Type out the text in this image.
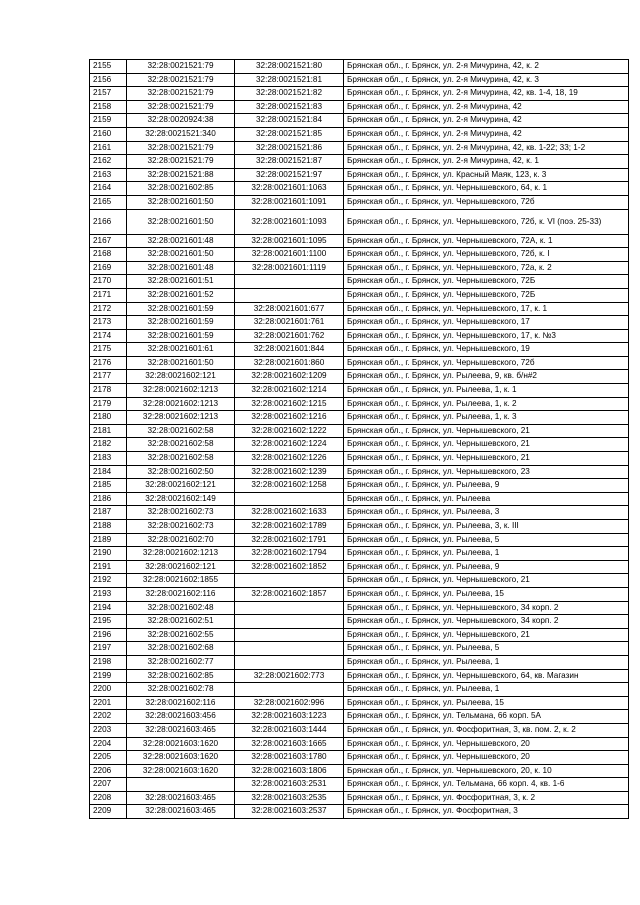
2155	32:28:0021521:79	32:28:0021521:80	Брянская обл., г. Брянск, ул. 2-я Мичурина, 42, к. 2
2156	32:28:0021521:79	32:28:0021521:81	Брянская обл., г. Брянск, ул. 2-я Мичурина, 42, к. 3
2157	32:28:0021521:79	32:28:0021521:82	Брянская обл., г. Брянск, ул. 2-я Мичурина, 42, кв. 1-4, 18, 19
2158	32:28:0021521:79	32:28:0021521:83	Брянская обл., г. Брянск, ул. 2-я Мичурина, 42
2159	32:28:0020924:38	32:28:0021521:84	Брянская обл., г. Брянск, ул. 2-я Мичурина, 42
2160	32:28:0021521:340	32:28:0021521:85	Брянская обл., г. Брянск, ул. 2-я Мичурина, 42
2161	32:28:0021521:79	32:28:0021521:86	Брянская обл., г. Брянск, ул. 2-я Мичурина, 42, кв. 1-22; 33; 1-2
2162	32:28:0021521:79	32:28:0021521:87	Брянская обл., г. Брянск, ул. 2-я Мичурина, 42, к. 1
2163	32:28:0021521:88	32:28:0021521:97	Брянская обл., г. Брянск, ул. Красный Маяк, 123, к. 3
2164	32:28:0021602:85	32:28:0021601:1063	Брянская обл., г. Брянск, ул. Чернышевского, 64, к. 1
2165	32:28:0021601:50	32:28:0021601:1091	Брянская обл., г. Брянск, ул. Чернышевского, 72б
2166	32:28:0021601:50	32:28:0021601:1093	Брянская обл., г. Брянск, ул. Чернышевского, 72б, к. VI (поэ. 25-33)
2167	32:28:0021601:48	32:28:0021601:1095	Брянская обл., г. Брянск, ул. Чернышевского, 72А, к. 1
2168	32:28:0021601:50	32:28:0021601:1100	Брянская обл., г. Брянск, ул. Чернышевского, 72б, к. I
2169	32:28:0021601:48	32:28:0021601:1119	Брянская обл., г. Брянск, ул. Чернышевского, 72а, к. 2
2170	32:28:0021601:51		Брянская обл., г. Брянск, ул. Чернышевского, 72Б
2171	32:28:0021601:52		Брянская обл., г. Брянск, ул. Чернышевского, 72Б
2172	32:28:0021601:59	32:28:0021601:677	Брянская обл., г. Брянск, ул. Чернышевского, 17, к. 1
2173	32:28:0021601:59	32:28:0021601:761	Брянская обл., г. Брянск, ул. Чернышевского, 17
2174	32:28:0021601:59	32:28:0021601:762	Брянская обл., г. Брянск, ул. Чернышевского, 17, к. №3
2175	32:28:0021601:61	32:28:0021601:844	Брянская обл., г. Брянск, ул. Чернышевского, 19
2176	32:28:0021601:50	32:28:0021601:860	Брянская обл., г. Брянск, ул. Чернышевского, 72б
2177	32:28:0021602:121	32:28:0021602:1209	Брянская обл., г. Брянск, ул. Рылеева, 9, кв. б/н#2
2178	32:28:0021602:1213	32:28:0021602:1214	Брянская обл., г. Брянск, ул. Рылеева, 1, к. 1
2179	32:28:0021602:1213	32:28:0021602:1215	Брянская обл., г. Брянск, ул. Рылеева, 1, к. 2
2180	32:28:0021602:1213	32:28:0021602:1216	Брянская обл., г. Брянск, ул. Рылеева, 1, к. 3
2181	32:28:0021602:58	32:28:0021602:1222	Брянская обл., г. Брянск, ул. Чернышевского, 21
2182	32:28:0021602:58	32:28:0021602:1224	Брянская обл., г. Брянск, ул. Чернышевского, 21
2183	32:28:0021602:58	32:28:0021602:1226	Брянская обл., г. Брянск, ул. Чернышевского, 21
2184	32:28:0021602:50	32:28:0021602:1239	Брянская обл., г. Брянск, ул. Чернышевского, 23
2185	32:28:0021602:121	32:28:0021602:1258	Брянская обл., г. Брянск, ул. Рылеева, 9
2186	32:28:0021602:149		Брянская обл., г. Брянск, ул. Рылеева
2187	32:28:0021602:73	32:28:0021602:1633	Брянская обл., г. Брянск, ул. Рылеева, 3
2188	32:28:0021602:73	32:28:0021602:1789	Брянская обл., г. Брянск, ул. Рылеева, 3, к. III
2189	32:28:0021602:70	32:28:0021602:1791	Брянская обл., г. Брянск, ул. Рылеева, 5
2190	32:28:0021602:1213	32:28:0021602:1794	Брянская обл., г. Брянск, ул. Рылеева, 1
2191	32:28:0021602:121	32:28:0021602:1852	Брянская обл., г. Брянск, ул. Рылеева, 9
2192	32:28:0021602:1855		Брянская обл., г. Брянск, ул. Чернышевского, 21
2193	32:28:0021602:116	32:28:0021602:1857	Брянская обл., г. Брянск, ул. Рылеева, 15
2194	32:28:0021602:48		Брянская обл., г. Брянск, ул. Чернышевского, 34 корп. 2
2195	32:28:0021602:51		Брянская обл., г. Брянск, ул. Чернышевского, 34 корп. 2
2196	32:28:0021602:55		Брянская обл., г. Брянск, ул. Чернышевского, 21
2197	32:28:0021602:68		Брянская обл., г. Брянск, ул. Рылеева, 5
2198	32:28:0021602:77		Брянская обл., г. Брянск, ул. Рылеева, 1
2199	32:28:0021602:85	32:28:0021602:773	Брянская обл., г. Брянск, ул. Чернышевского, 64, кв. Магазин
2200	32:28:0021602:78		Брянская обл., г. Брянск, ул. Рылеева, 1
2201	32:28:0021602:116	32:28:0021602:996	Брянская обл., г. Брянск, ул. Рылеева, 15
2202	32:28:0021603:456	32:28:0021603:1223	Брянская обл., г. Брянск, ул. Тельмана, 66 корп. 5А
2203	32:28:0021603:465	32:28:0021603:1444	Брянская обл., г. Брянск, ул. Фосфоритная, 3, кв. пом. 2, к. 2
2204	32:28:0021603:1620	32:28:0021603:1665	Брянская обл., г. Брянск, ул. Чернышевского, 20
2205	32:28:0021603:1620	32:28:0021603:1780	Брянская обл., г. Брянск, ул. Чернышевского, 20
2206	32:28:0021603:1620	32:28:0021603:1806	Брянская обл., г. Брянск, ул. Чернышевского, 20, к. 10
2207		32:28:0021603:2531	Брянская обл., г. Брянск, ул. Тельмана, 66 корп. 4, кв. 1-6
2208	32:28:0021603:465	32:28:0021603:2535	Брянская обл., г. Брянск, ул. Фосфоритная, 3, к. 2
2209	32:28:0021603:465	32:28:0021603:2537	Брянская обл., г. Брянск, ул. Фосфоритная, 3
